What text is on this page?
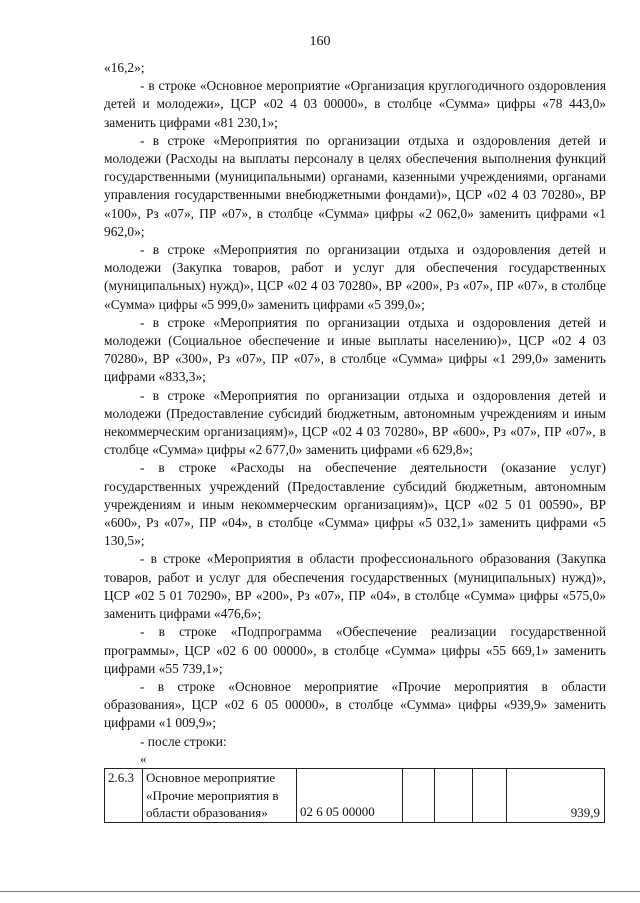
160

«16,2»;

- в строке «Основное мероприятие «Организация круглогодичного оздоровления детей и молодежи», ЦСР «02 4 03 00000», в столбце «Сумма» цифры «78 443,0» заменить цифрами «81 230,1»;

- в строке «Мероприятия по организации отдыха и оздоровления детей и молодежи (Расходы на выплаты персоналу в целях обеспечения выполнения функций государственными (муниципальными) органами, казенными учреждениями, органами управления государственными внебюджетными фондами)», ЦСР «02 4 03 70280», ВР «100», Рз «07», ПР «07», в столбце «Сумма» цифры «2 062,0» заменить цифрами «1 962,0»;

- в строке «Мероприятия по организации отдыха и оздоровления детей и молодежи (Закупка товаров, работ и услуг для обеспечения государственных (муниципальных) нужд)», ЦСР «02 4 03 70280», ВР «200», Рз «07», ПР «07», в столбце «Сумма» цифры «5 999,0» заменить цифрами «5 399,0»;

- в строке «Мероприятия по организации отдыха и оздоровления детей и молодежи (Социальное обеспечение и иные выплаты населению)», ЦСР «02 4 03 70280», ВР «300», Рз «07», ПР «07», в столбце «Сумма» цифры «1 299,0» заменить цифрами «833,3»;

- в строке «Мероприятия по организации отдыха и оздоровления детей и молодежи (Предоставление субсидий бюджетным, автономным учреждениям и иным некоммерческим организациям)», ЦСР «02 4 03 70280», ВР «600», Рз «07», ПР «07», в столбце «Сумма» цифры «2 677,0» заменить цифрами «6 629,8»;

- в строке «Расходы на обеспечение деятельности (оказание услуг) государственных учреждений (Предоставление субсидий бюджетным, автономным учреждениям и иным некоммерческим организациям)», ЦСР «02 5 01 00590», ВР «600», Рз «07», ПР «04», в столбце «Сумма» цифры «5 032,1» заменить цифрами «5 130,5»;

- в строке «Мероприятия в области профессионального образования (Закупка товаров, работ и услуг для обеспечения государственных (муниципальных) нужд)», ЦСР «02 5 01 70290», ВР «200», Рз «07», ПР «04», в столбце «Сумма» цифры «575,0» заменить цифрами «476,6»;

- в строке «Подпрограмма «Обеспечение реализации государственной программы», ЦСР «02 6 00 00000», в столбце «Сумма» цифры «55 669,1» заменить цифрами «55 739,1»;

- в строке «Основное мероприятие «Прочие мероприятия в области образования», ЦСР «02 6 05 00000», в столбце «Сумма» цифры «939,9» заменить цифрами «1 009,9»;

- после строки:

«
2.6.3	Основное мероприятие «Прочие мероприятия в области образования»	02 6 05 00000				939,9
